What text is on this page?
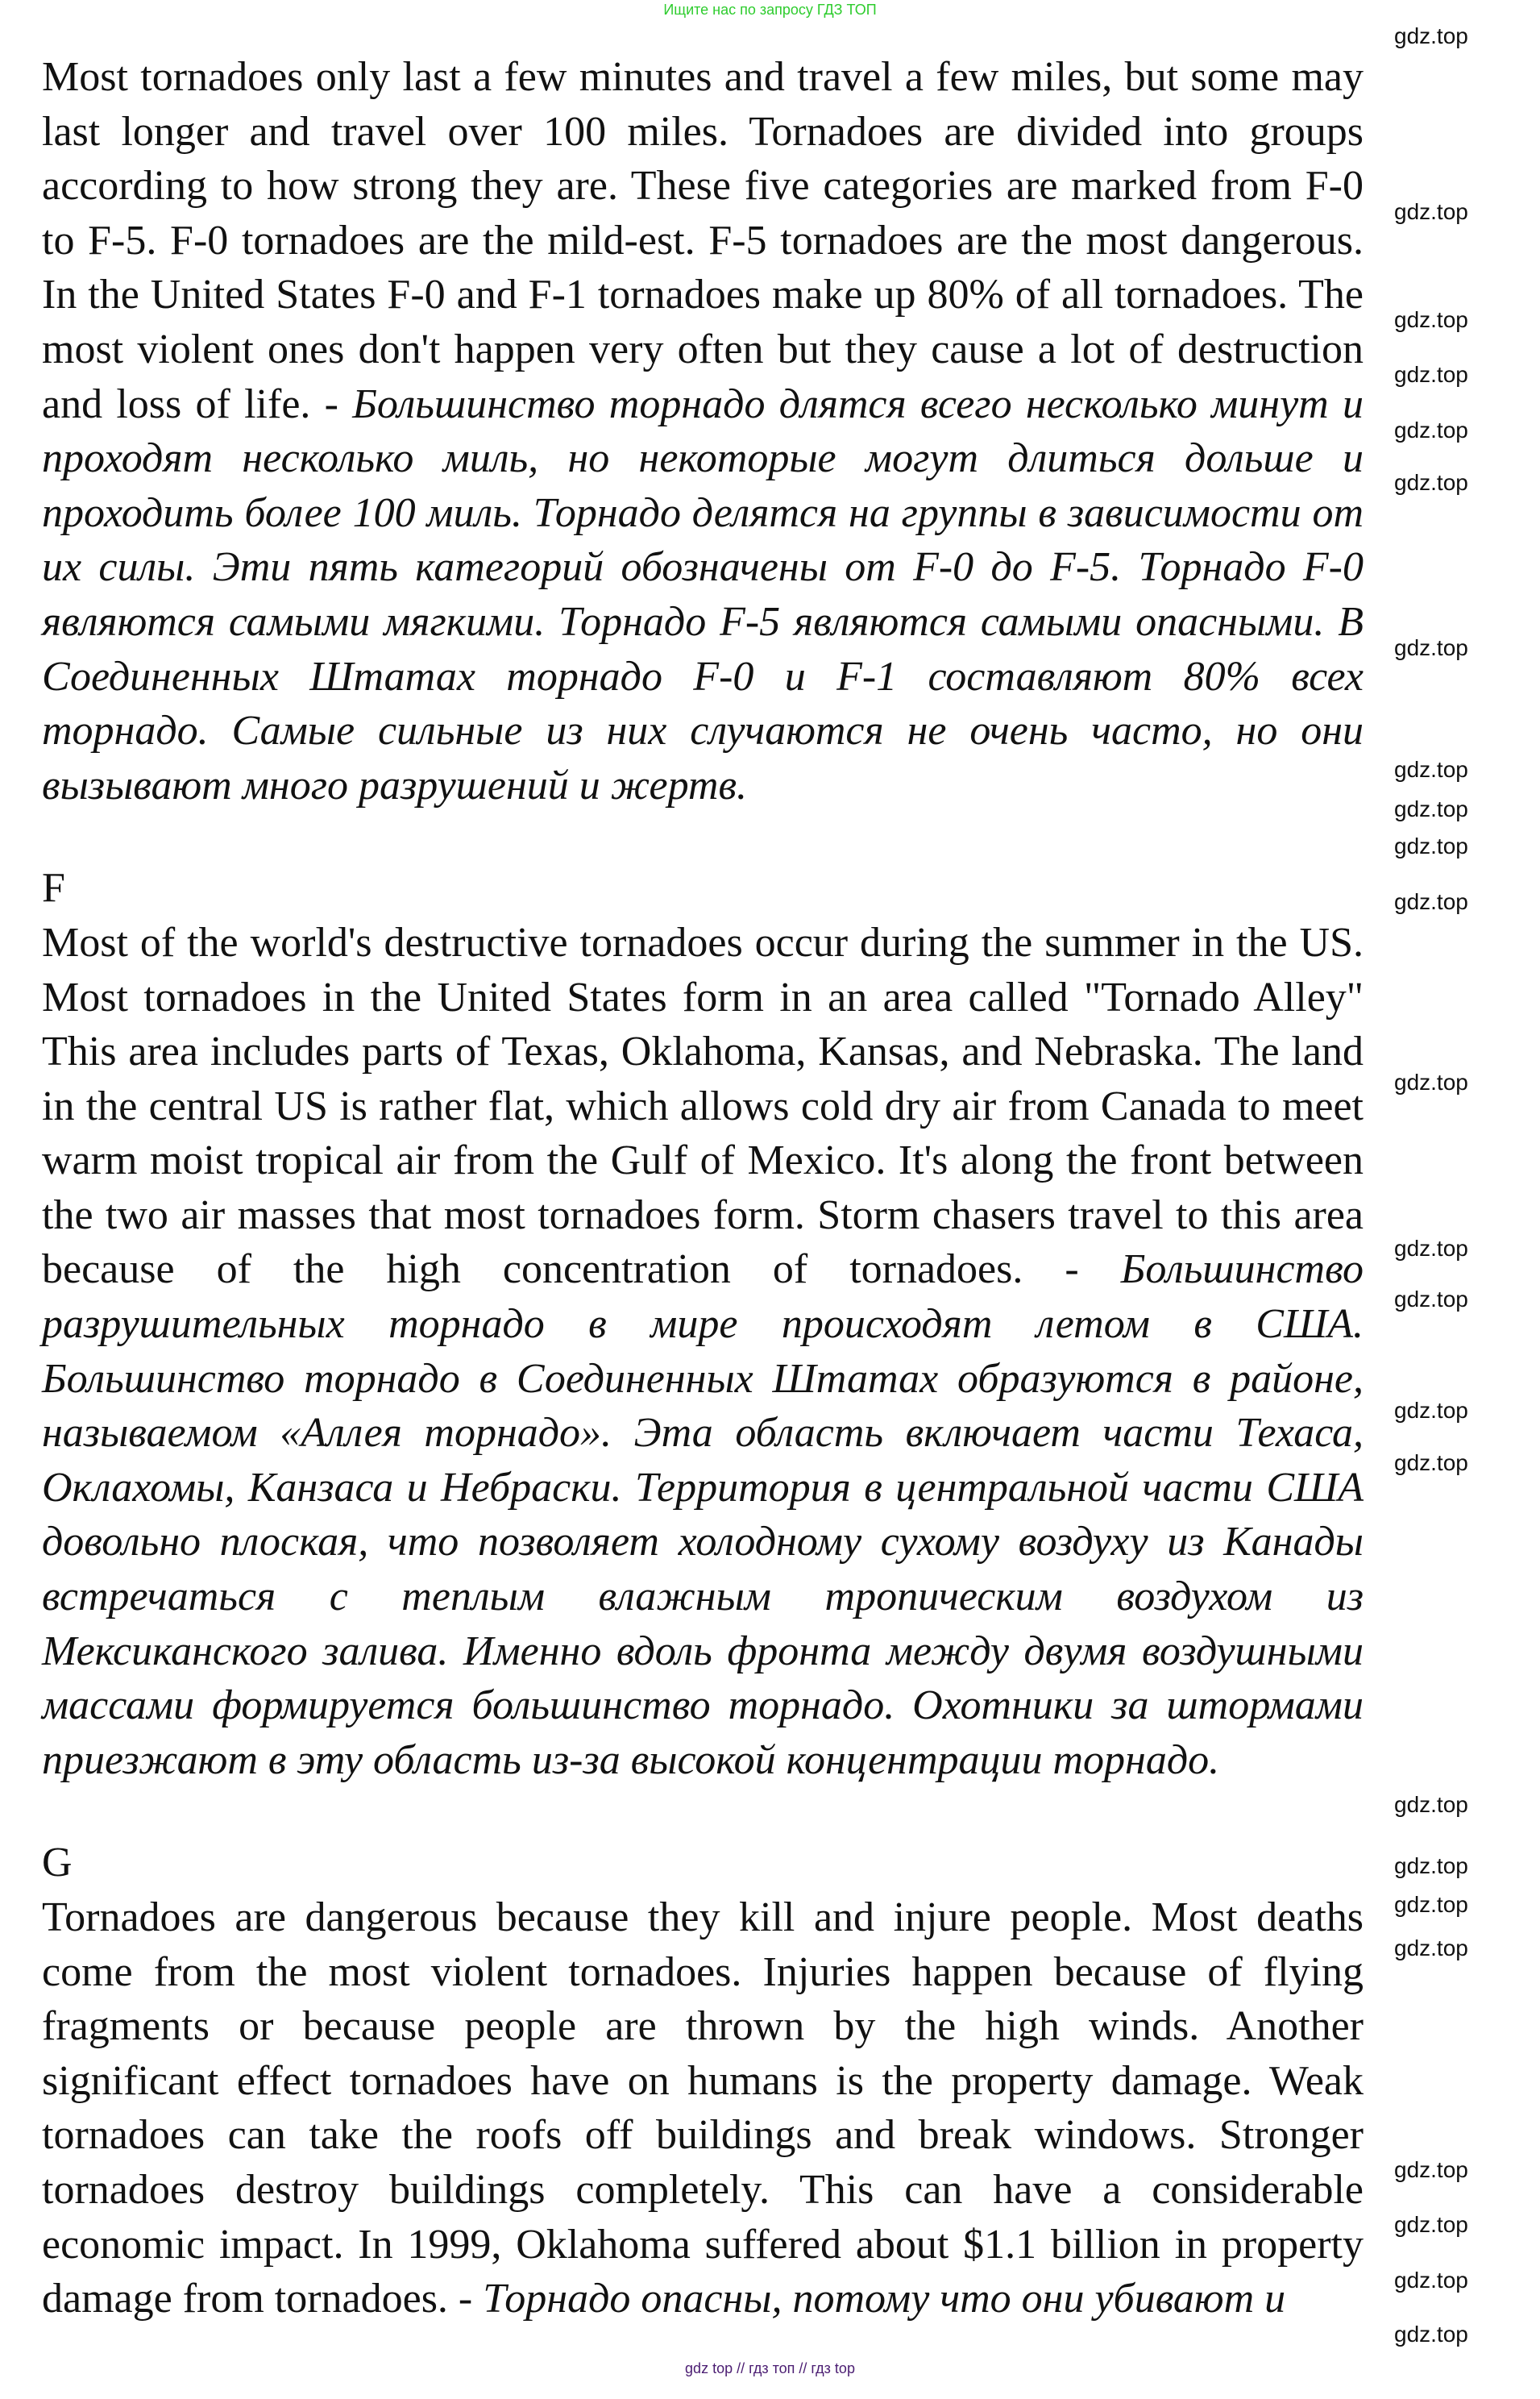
Ищите нас по запросу ГДЗ ТОП

Most tornadoes only last a few minutes and travel a few miles, but some may last longer and travel over 100 miles. Tornadoes are divided into groups according to how strong they are. These five categories are marked from F-0 to F-5. F-0 tornadoes are the mild-est. F-5 tornadoes are the most dangerous. In the United States F-0 and F-1 tornadoes make up 80% of all tornadoes. The most violent ones don't happen very often but they cause a lot of destruction and loss of life. - Большинство торнадо длятся всего несколько минут и проходят несколько миль, но некоторые могут длиться дольше и проходить более 100 миль. Торнадо делятся на группы в зависимости от их силы. Эти пять категорий обозначены от F-0 до F-5. Торнадо F-0 являются самыми мягкими. Торнадо F-5 являются самыми опасными. В Соединенных Штатах торнадо F-0 и F-1 составляют 80% всех торнадо. Самые сильные из них случаются не очень часто, но они вызывают много разрушений и жертв.

F

Most of the world's destructive tornadoes occur during the summer in the US. Most tornadoes in the United States form in an area called "Tornado Alley" This area includes parts of Texas, Oklahoma, Kansas, and Nebraska. The land in the central US is rather flat, which allows cold dry air from Canada to meet warm moist tropical air from the Gulf of Mexico. It's along the front between the two air masses that most tornadoes form. Storm chasers travel to this area because of the high concentration of tornadoes. - Большинство разрушительных торнадо в мире происходят летом в США. Большинство торнадо в Соединенных Штатах образуются в районе, называемом «Аллея торнадо». Эта область включает части Техаса, Оклахомы, Канзаса и Небраски. Территория в центральной части США довольно плоская, что позволяет холодному сухому воздуху из Канады встречаться с теплым влажным тропическим воздухом из Мексиканского залива. Именно вдоль фронта между двумя воздушными массами формируется большинство торнадо. Охотники за штормами приезжают в эту область из-за высокой концентрации торнадо.

G

Tornadoes are dangerous because they kill and injure people. Most deaths come from the most violent tornadoes. Injuries happen because of flying fragments or because people are thrown by the high winds. Another significant effect tornadoes have on humans is the property damage. Weak tornadoes can take the roofs off buildings and break windows. Stronger tornadoes destroy buildings completely. This can have a considerable economic impact. In 1999, Oklahoma suffered about $1.1 billion in property damage from tornadoes. - Торнадо опасны, потому что они убивают и

gdz.top
gdz.top
gdz.top
gdz.top
gdz.top
gdz.top
gdz.top
gdz.top
gdz.top
gdz.top
gdz.top
gdz.top
gdz.top
gdz.top
gdz.top
gdz.top
gdz.top
gdz.top
gdz.top
gdz.top
gdz.top
gdz.top
gdz.top
gdz.top
gdz top // гдз топ // гдз top
